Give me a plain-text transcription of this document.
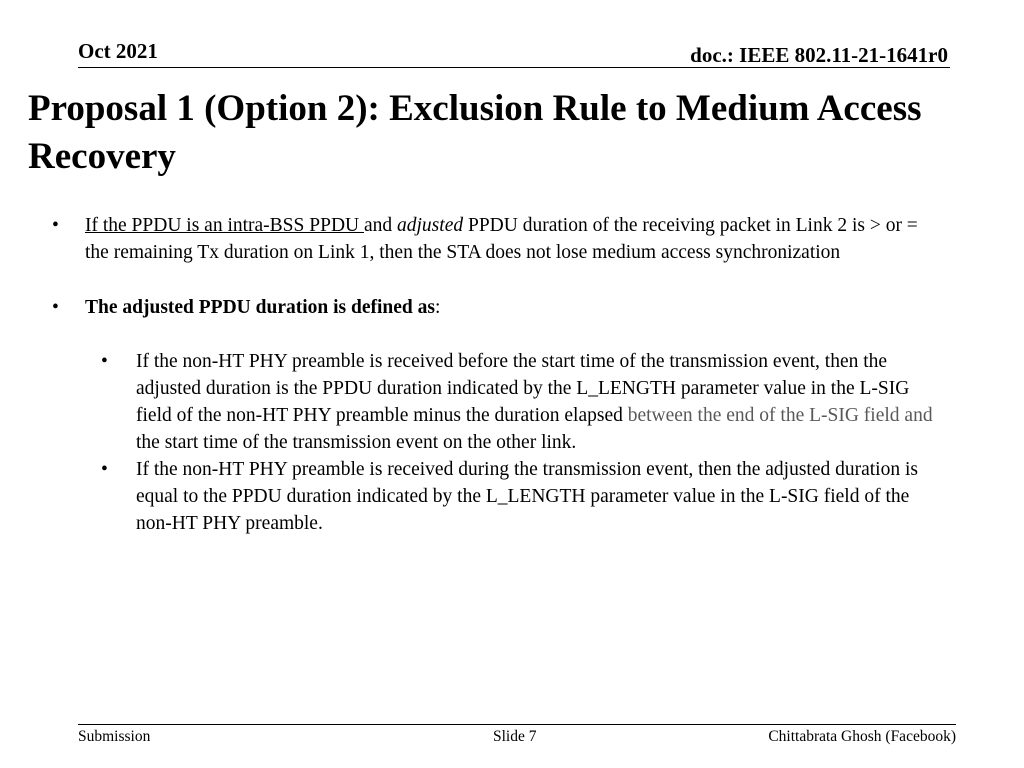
Oct 2021	doc.: IEEE 802.11-21-1641r0
Proposal 1 (Option 2): Exclusion Rule to Medium Access Recovery
• If the PPDU is an intra-BSS PPDU and adjusted PPDU duration of the receiving packet in Link 2 is > or = the remaining Tx duration on Link 1, then the STA does not lose medium access synchronization
• The adjusted PPDU duration is defined as:
• If the non-HT PHY preamble is received before the start time of the transmission event, then the adjusted duration is the PPDU duration indicated by the L_LENGTH parameter value in the L-SIG field of the non-HT PHY preamble minus the duration elapsed between the end of the L-SIG field and the start time of the transmission event on the other link.
• If the non-HT PHY preamble is received during the transmission event, then the adjusted duration is equal to the PPDU duration indicated by the L_LENGTH parameter value in the L-SIG field of the non-HT PHY preamble.
Submission	Slide 7	Chittabrata Ghosh (Facebook)
